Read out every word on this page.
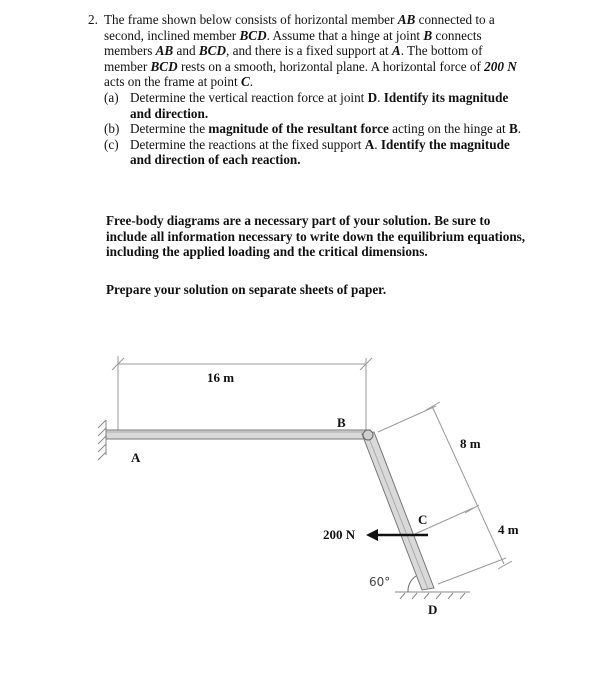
2. The frame shown below consists of horizontal member AB connected to a second, inclined member BCD. Assume that a hinge at joint B connects members AB and BCD, and there is a fixed support at A. The bottom of member BCD rests on a smooth, horizontal plane. A horizontal force of 200 N acts on the frame at point C.
(a) Determine the vertical reaction force at joint D. Identify its magnitude and direction.
(b) Determine the magnitude of the resultant force acting on the hinge at B.
(c) Determine the reactions at the fixed support A. Identify the magnitude and direction of each reaction.
Free-body diagrams are a necessary part of your solution. Be sure to include all information necessary to write down the equilibrium equations, including the applied loading and the critical dimensions.
Prepare your solution on separate sheets of paper.
16 m
8 m
4 m
200 N
60°
A
B
C
D
